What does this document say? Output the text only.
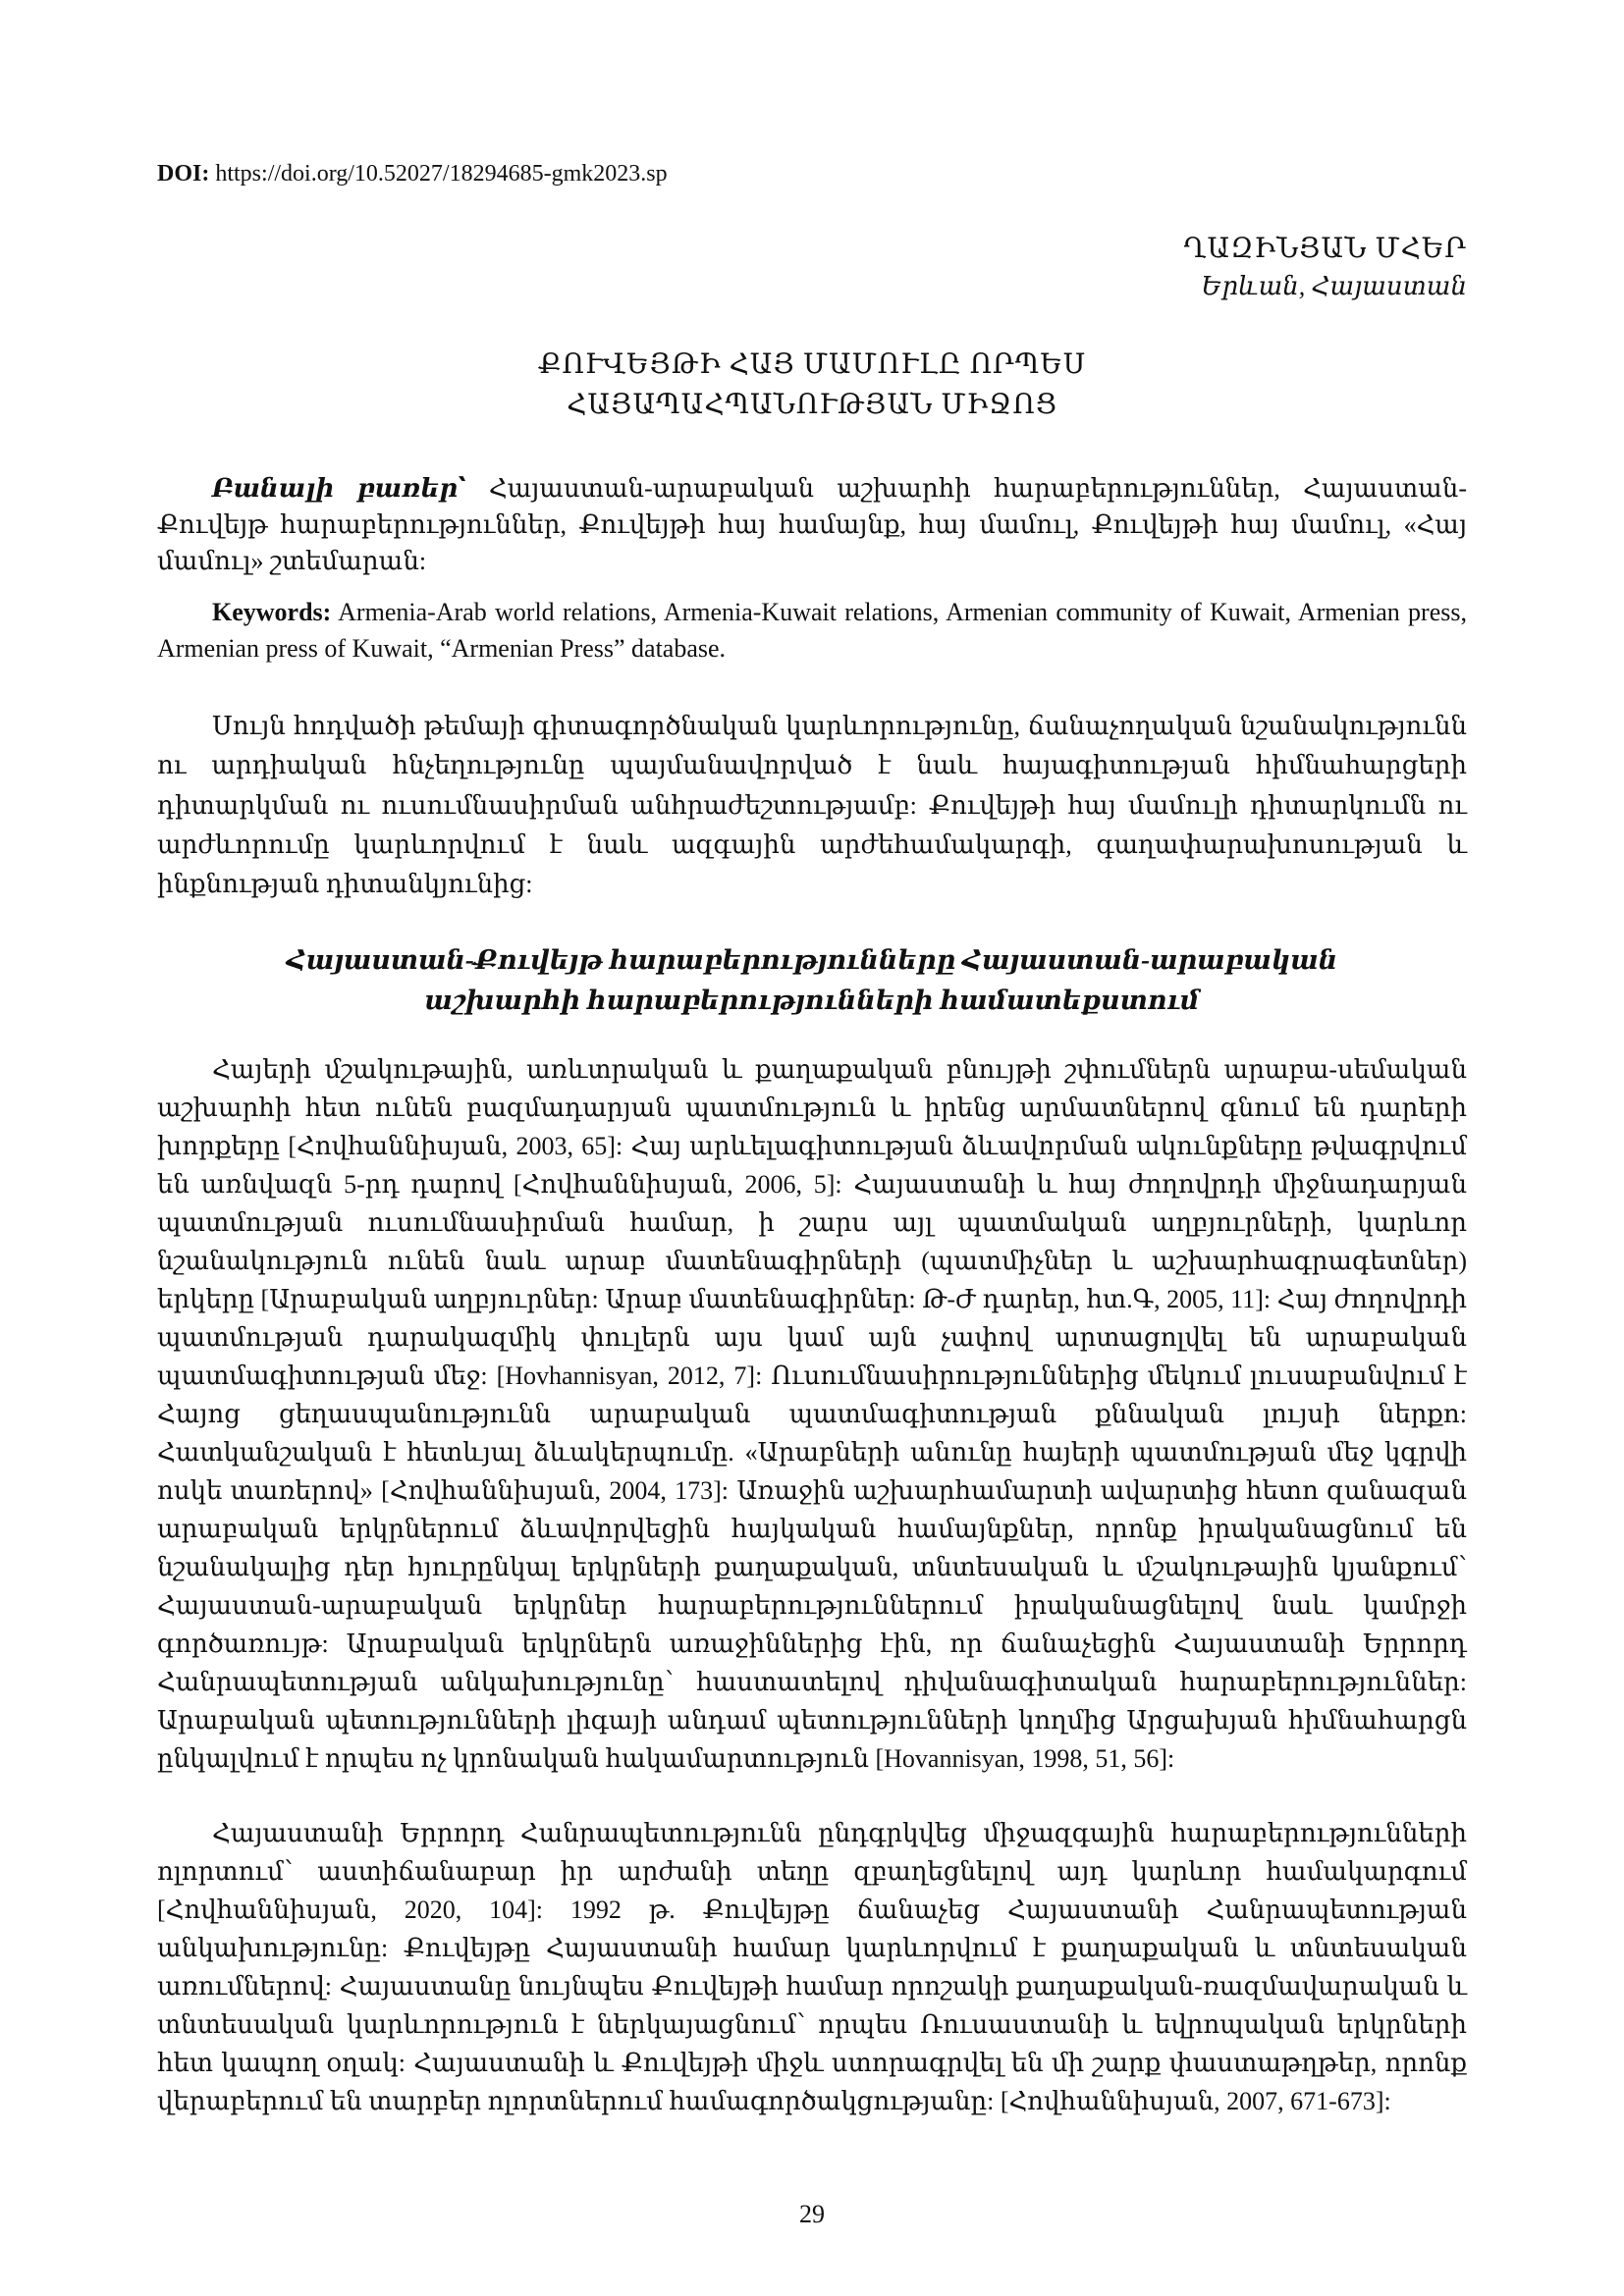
DOI: https://doi.org/10.52027/18294685-gmk2023.sp
ՂԱԶԻՆՅԱՆ ՄՀԵՐ
Երևան, Հայաստան
ՔՈՒՎԵՅԹԻ ՀԱՅ ՄԱՄՈՒԼԸ ՈՐՊԵՍ
ՀԱՅԱՊԱՀՊԱՆՈՒԹՅԱՆ ՄԻՋՈՑ
Բանալի բառեր՝ Հայաստան-արաբական աշխարհի հարաբերություններ, Հայաստան-Քուվեյթ հարաբերություններ, Քուվեյթի հայ համայնք, հայ մամուլ, Քուվեյթի հայ մամուլ, «Հայ մամուլ» շտեմարան:
Keywords: Armenia-Arab world relations, Armenia-Kuwait relations, Armenian community of Kuwait, Armenian press, Armenian press of Kuwait, “Armenian Press” database.
Սույն հոդվածի թեմայի գիտագործնական կարևորությունը, ճանաչողական նշանակությունն ու արդիական հնչեղությունը պայմանավորված է նաև հայագիտության հիմնահարցերի դիտարկման ու ուսումնասիրման անհրաժեշտությամբ: Քուվեյթի հայ մամուլի դիտարկումն ու արժևորումը կարևորվում է նաև ազգային արժեհամակարգի, գաղափարախոսության և ինքնության դիտանկյունից:
Հայաստան-Քուվեյթ հարաբերությունները Հայաստան-արաբական
աշխարհի հարաբերությունների համատեքստում
Հայերի մշակութային, առևտրական և քաղաքական բնույթի շփումներն արաբա-սեմական աշխարհի հետ ունեն բազմադարյան պատմություն և իրենց արմատներով գնում են դարերի խորքերը [Հովհաննիսյան, 2003, 65]: Հայ արևելագիտության ձևավորման ակունքները թվագրվում են առնվազն 5-րդ դարով [Հովհաննիսյան, 2006, 5]: Հայաստանի և հայ ժողովրդի միջնադարյան պատմության ուսումնասիրման համար, ի շարս այլ պատմական աղբյուրների, կարևոր նշանակություն ունեն նաև արաբ մատենագիրների (պատմիչներ և աշխարհագրագետներ) երկերը [Արաբական աղբյուրներ: Արաբ մատենագիրներ: Թ-Ժ դարեր, հտ.Գ, 2005, 11]: Հայ ժողովրդի պատմության դարակազմիկ փուլերն այս կամ այն չափով արտացոլվել են արաբական պատմագիտության մեջ: [Hovhannisyan, 2012, 7]: Ուսումնասիրություններից մեկում լուսաբանվում է Հայոց ցեղասպանությունն արաբական պատմագիտության քննական լույսի ներքո: Հատկանշական է հետևյալ ձևակերպումը. «Արաբների անունը հայերի պատմության մեջ կգրվի ոսկե տառերով» [Հովհաննիսյան, 2004, 173]: Առաջին աշխարհամարտի ավարտից հետո զանազան արաբական երկրներում ձևավորվեցին հայկական համայնքներ, որոնք իրականացնում են նշանակալից դեր հյուրընկալ երկրների քաղաքական, տնտեսական և մշակութային կյանքում՝ Հայաստան-արաբական երկրներ հարաբերություններում իրականացնելով նաև կամրջի գործառույթ: Արաբական երկրներն առաջիններից էին, որ ճանաչեցին Հայաստանի Երրորդ Հանրապետության անկախությունը՝ հաստատելով դիվանագիտական հարաբերություններ: Արաբական պետությունների լիգայի անդամ պետությունների կողմից Արցախյան հիմնահարցն ընկալվում է որպես ոչ կրոնական հակամարտություն [Hovannisyan, 1998, 51, 56]:
Հայաստանի Երրորդ Հանրապետությունն ընդգրկվեց միջազգային հարաբերությունների ոլորտում՝ աստիճանաբար իր արժանի տեղը զբաղեցնելով այդ կարևոր համակարգում [Հովհաննիսյան, 2020, 104]: 1992 թ. Քուվեյթը ճանաչեց Հայաստանի Հանրապետության անկախությունը: Քուվեյթը Հայաստանի համար կարևորվում է քաղաքական և տնտեսական առումներով: Հայաստանը նույնպես Քուվեյթի համար որոշակի քաղաքական-ռազմավարական և տնտեսական կարևորություն է ներկայացնում՝ որպես Ռուսաստանի և եվրոպական երկրների հետ կապող օղակ: Հայաստանի և Քուվեյթի միջև ստորագրվել են մի շարք փաստաթղթեր, որոնք վերաբերում են տարբեր ոլորտներում համագործակցությանը: [Հովհաննիսյան, 2007, 671-673]:
29
